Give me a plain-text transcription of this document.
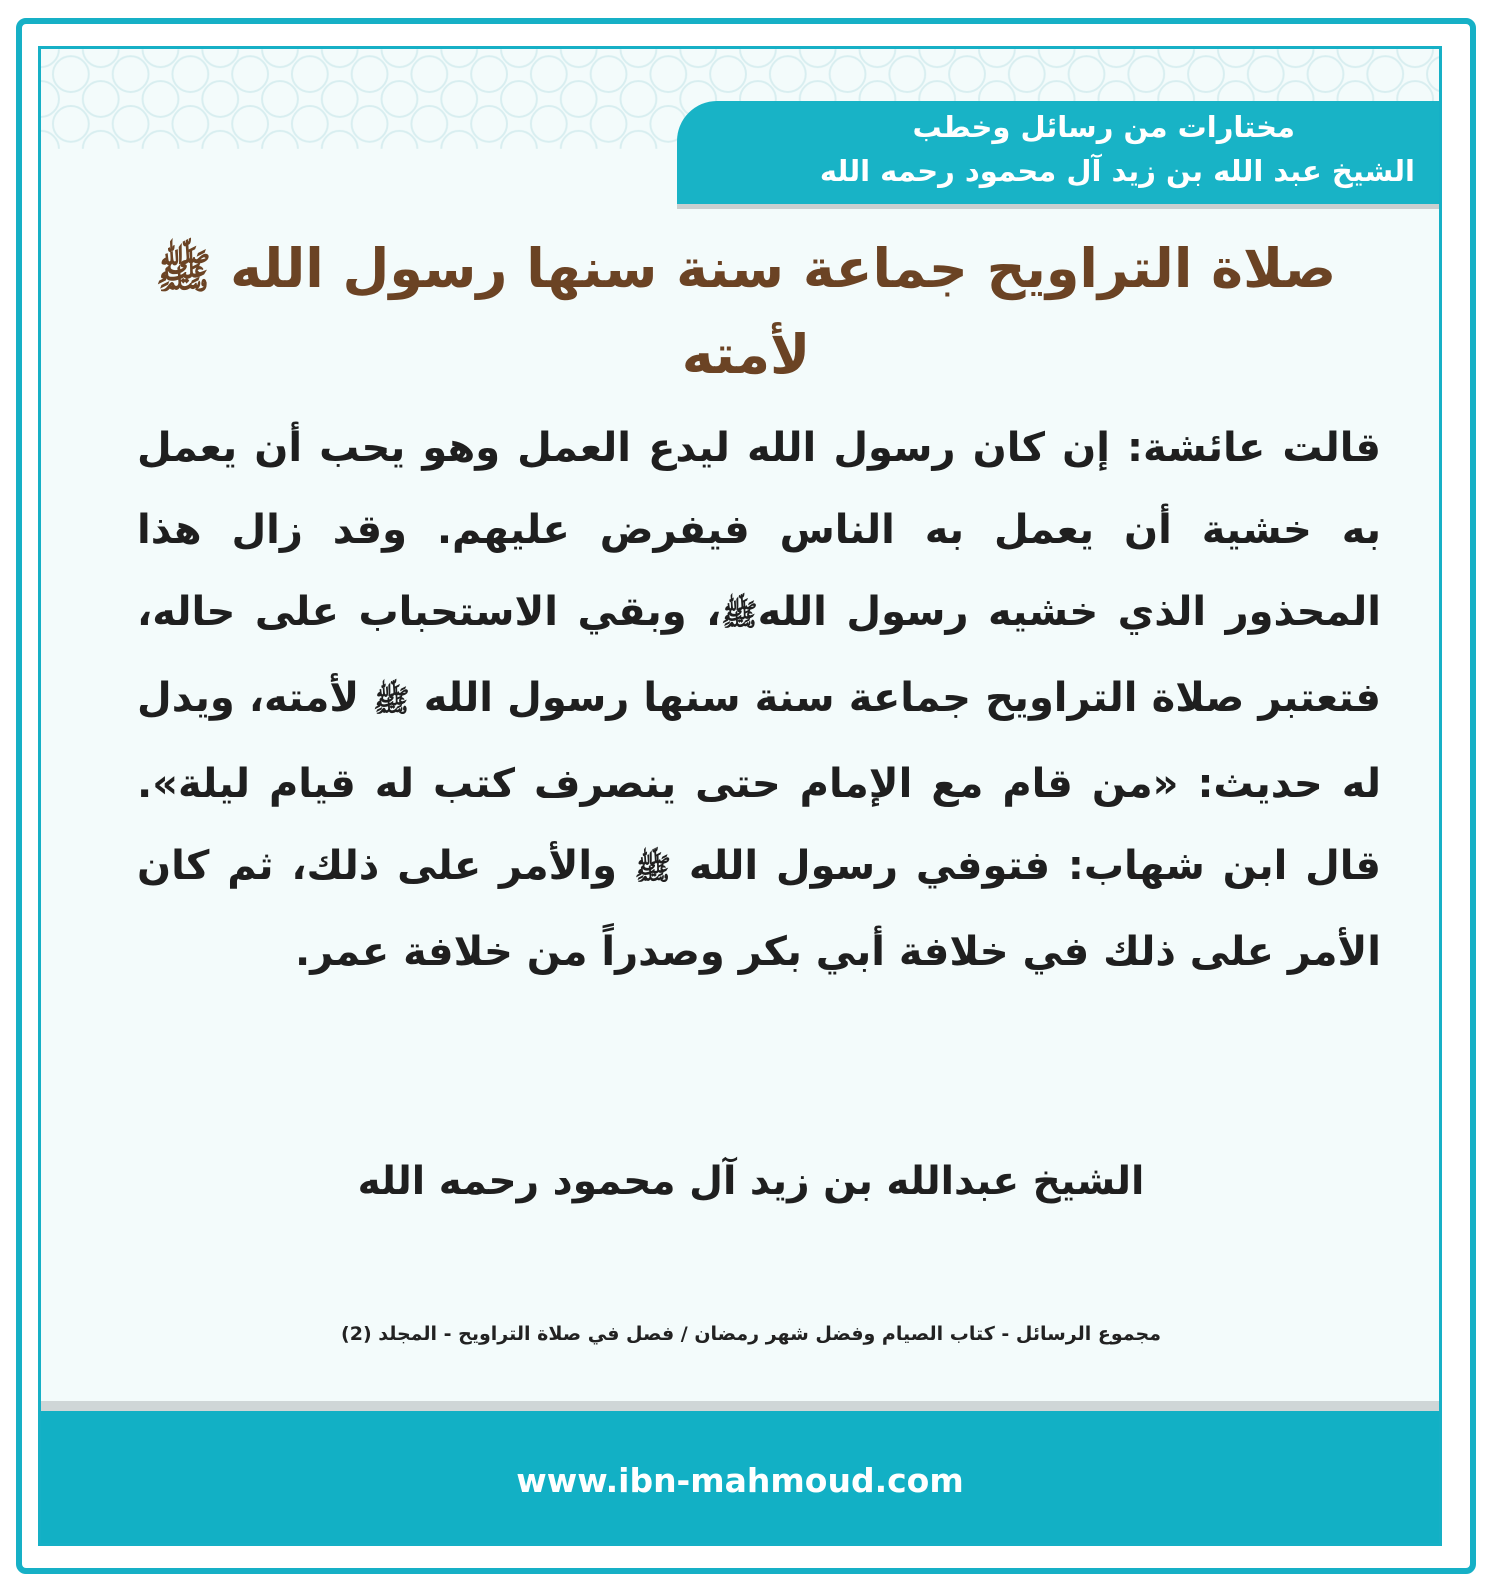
مختارات من رسائل وخطب
الشيخ عبد الله بن زيد آل محمود رحمه الله
صلاة التراويح جماعة سنة سنها رسول الله ﷺ لأمته
قالت عائشة: إن كان رسول الله ليدع العمل وهو يحب أن يعمل به خشية أن يعمل به الناس فيفرض عليهم. وقد زال هذا المحذور الذي خشيه رسول اللهﷺ، وبقي الاستحباب على حاله، فتعتبر صلاة التراويح جماعة سنة سنها رسول الله ﷺ لأمته، ويدل له حديث: «من قام مع الإمام حتى ينصرف كتب له قيام ليلة». قال ابن شهاب: فتوفي رسول الله ﷺ والأمر على ذلك، ثم كان الأمر على ذلك في خلافة أبي بكر وصدراً من خلافة عمر.
الشيخ عبدالله بن زيد آل محمود رحمه الله
مجموع الرسائل - كتاب الصيام وفضل شهر رمضان / فصل في صلاة التراويح - المجلد (2)
www.ibn-mahmoud.com
